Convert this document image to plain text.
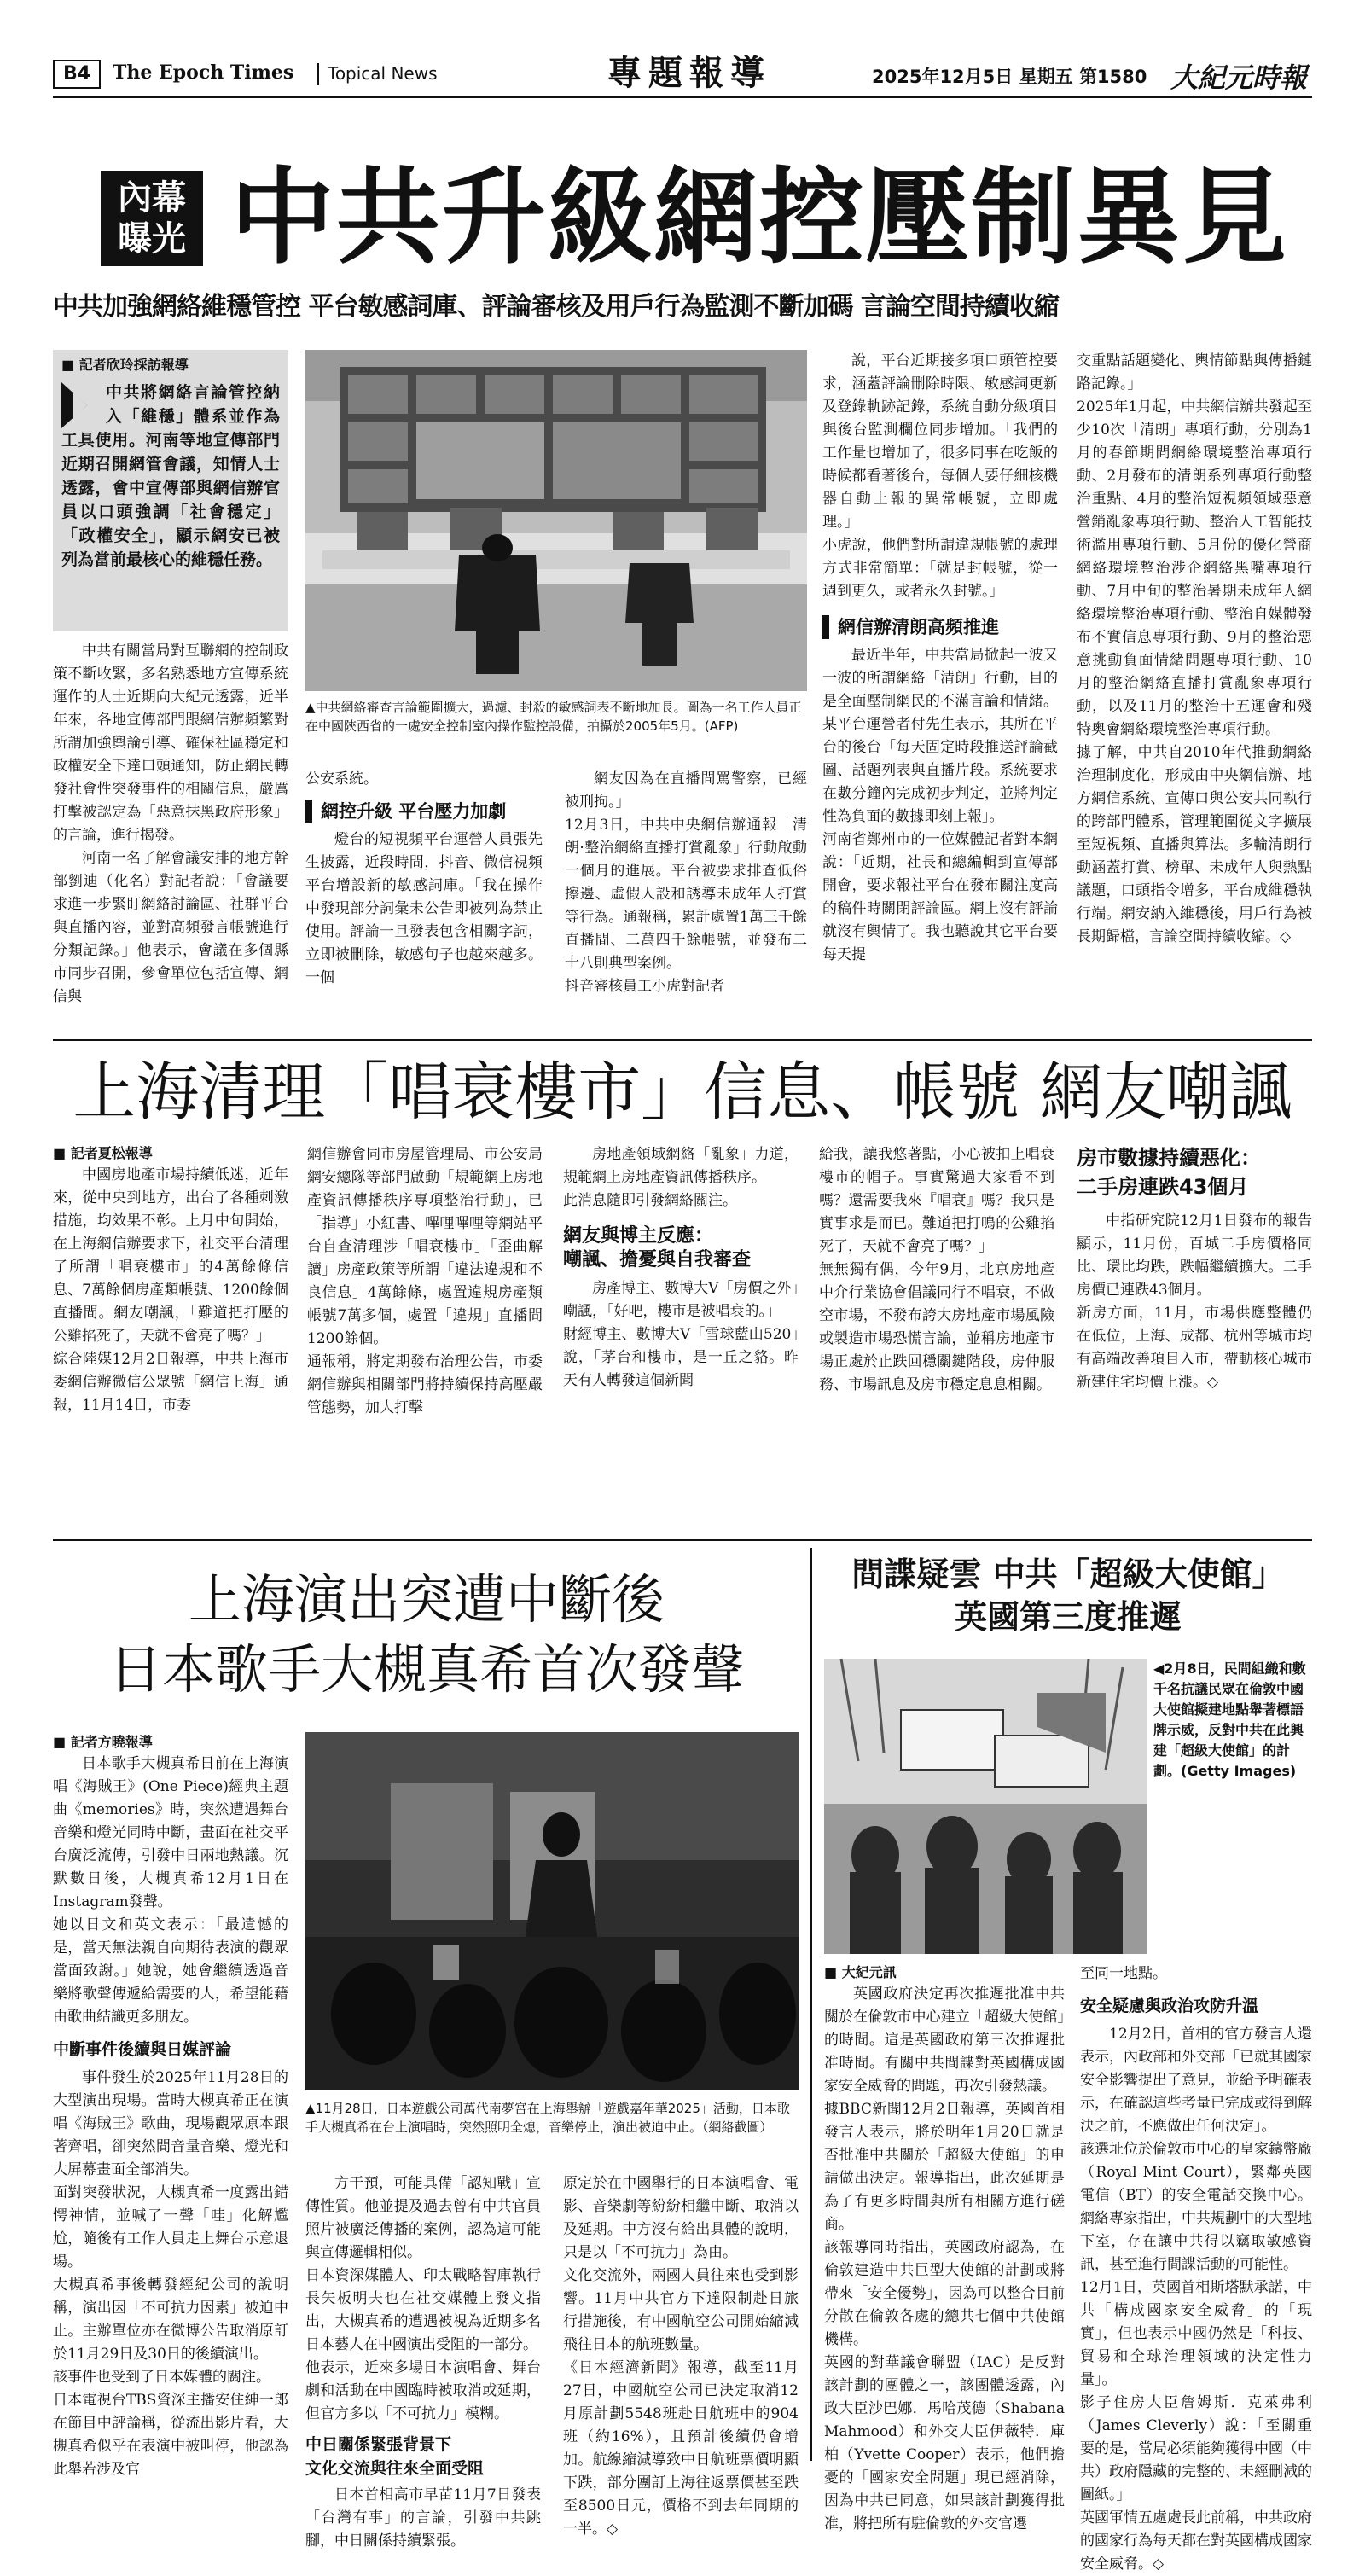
B4	The Epoch Times Topical News	專題報導	2025年12月5日 星期五 第1580 大紀元時報
內幕
曝光 中共升級網控壓制異見
中共加強網絡維穩管控 平台敏感詞庫、評論審核及用戶行為監測不斷加碼 言論空間持續收縮
■ 記者欣玲採訪報導
中共將網絡言論管控納入「維穩」體系並作為工具使用。河南等地宣傳部門近期召開網管會議，知情人士透露，會中宣傳部與網信辦官員以口頭強調「社會穩定」「政權安全」，顯示網安已被列為當前最核心的維穩任務。

中共有關當局對互聯網的控制政策不斷收緊，多名熟悉地方宣傳系統運作的人士近期向大紀元透露，近半年來，各地宣傳部門跟網信辦頻繁對所謂加強輿論引導、確保社區穩定和政權安全下達口頭通知，防止網民轉發社會性突發事件的相關信息，嚴厲打擊被認定為「惡意抹黑政府形象」的言論，進行揭發。

河南一名了解會議安排的地方幹部劉迪（化名）對記者說：「會議要求進一步緊盯網絡討論區、社群平台與直播內容，並對高頻發言帳號進行分類記錄。」他表示，會議在多個縣市同步召開，參會單位包括宣傳、網信與

▲中共網絡審查言論範圍擴大，過濾、封殺的敏感詞表不斷地加長。圖為一名工作人員正在中國陝西省的一處安全控制室內操作監控設備，拍攝於2005年5月。(AFP)
公安系統。
網控升級 平台壓力加劇

燈台的短視頻平台運營人員張先生披露，近段時間，抖音、微信視頻平台增設新的敏感詞庫。「我在操作中發現部分詞彙未公告即被列為禁止使用。評論一旦發表包含相關字詞，立即被刪除，敏感句子也越來越多。一個

網友因為在直播間罵警察，已經被刑拘。」
12月3日，中共中央網信辦通報「清朗·整治網絡直播打賞亂象」行動啟動一個月的進展。平台被要求排查低俗擦邊、虛假人設和誘導未成年人打賞等行為。通報稱，累計處置1萬三千餘直播間、二萬四千餘帳號，並發布二十八則典型案例。
抖音審核員工小虎對記者
說，平台近期接多項口頭管控要求，涵蓋評論刪除時限、敏感詞更新及登錄軌跡記錄，系統自動分級項目與後台監測欄位同步增加。「我們的工作量也增加了，很多同事在吃飯的時候都看著後台，每個人要仔細核機器自動上報的異常帳號，立即處理。」
小虎說，他們對所謂違規帳號的處理方式非常簡單：「就是封帳號，從一週到更久，或者永久封號。」
網信辦清朗高頻推進
最近半年，中共當局掀起一波又一波的所謂網絡「清朗」行動，目的是全面壓制網民的不滿言論和情緒。某平台運營者付先生表示，其所在平台的後台「每天固定時段推送評論截圖、話題列表與直播片段。系統要求在數分鐘內完成初步判定，並將判定性為負面的數據即刻上報」。
河南省鄭州市的一位媒體記者對本網說：「近期，社長和總編輯到宣傳部開會，要求報社平台在發布關注度高的稿件時關閉評論區。網上沒有評論就沒有輿情了。我也聽說其它平台要每天提
交重點話題變化、輿情節點與傳播鏈路記錄。」
2025年1月起，中共網信辦共發起至少10次「清朗」專項行動，分別為1月的春節期間網絡環境整治專項行動、2月發布的清朗系列專項行動整治重點、4月的整治短視頻領域惡意營銷亂象專項行動、整治人工智能技術濫用專項行動、5月份的優化營商網絡環境整治涉企網絡黑嘴專項行動、7月中旬的整治暑期未成年人網絡環境整治專項行動、整治自媒體發布不實信息專項行動、9月的整治惡意挑動負面情緒問題專項行動、10月的整治網絡直播打賞亂象專項行動，以及11月的整治十五運會和殘特奧會網絡環境整治專項行動。
據了解，中共自2010年代推動網絡治理制度化，形成由中央網信辦、地方網信系統、宣傳口與公安共同執行的跨部門體系，管理範圍從文字擴展至短視頻、直播與算法。多輪清朗行動涵蓋打賞、榜單、未成年人與熱點議題，口頭指令增多，平台成維穩執行端。網安納入維穩後，用戶行為被長期歸檔，言論空間持續收縮。◇
上海清理「唱衰樓市」信息、帳號 網友嘲諷
■ 記者夏松報導
中國房地產市場持續低迷，近年來，從中央到地方，出台了各種刺激措施，均效果不彰。上月中旬開始，在上海網信辦要求下，社交平台清理了所謂「唱衰樓市」的4萬餘條信息、7萬餘個房產類帳號、1200餘個直播間。網友嘲諷，「難道把打壓的公雞掐死了，天就不會亮了嗎？」
綜合陸媒12月2日報導，中共上海市委網信辦微信公眾號「網信上海」通報，11月14日，市委
網信辦會同市房屋管理局、市公安局網安總隊等部門啟動「規範網上房地產資訊傳播秩序專項整治行動」，已「指導」小紅書、嗶哩嗶哩等網站平台自查清理涉「唱衰樓市」「歪曲解讀」房產政策等所謂「違法違規和不良信息」4萬餘條，處置違規房產類帳號7萬多個，處置「違規」直播間1200餘個。
通報稱，將定期發布治理公告，市委網信辦與相關部門將持續保持高壓嚴管態勢，加大打擊
房地產領域網絡「亂象」力道，規範網上房地產資訊傳播秩序。
此消息隨即引發網絡關注。
網友與博主反應：
嘲諷、擔憂與自我審查
房產博主、數博大V「房價之外」嘲諷，「好吧，樓市是被唱衰的。」
財經博主、數博大V「雪球藍山520」說，「茅台和樓市，是一丘之貉。昨天有人轉發這個新聞
給我，讓我悠著點，小心被扣上唱衰樓市的帽子。事實驚過大家看不到嗎？還需要我來『唱衰』嗎？我只是實事求是而已。難道把打鳴的公雞掐死了，天就不會亮了嗎？」
無無獨有偶，今年9月，北京房地產中介行業協會倡議同行不唱衰，不做空市場，不發布誇大房地產市場風險或製造市場恐慌言論，並稱房地產市場正處於止跌回穩關鍵階段，房仲服務、市場訊息及房市穩定息息相關。
房市數據持續惡化：
二手房連跌43個月
中指研究院12月1日發布的報告顯示，11月份，百城二手房價格同比、環比均跌，跌幅繼續擴大。二手房價已連跌43個月。
新房方面，11月，市場供應整體仍在低位，上海、成都、杭州等城市均有高端改善項目入市，帶動核心城市新建住宅均價上漲。◇
上海演出突遭中斷後
日本歌手大槻真希首次發聲
■ 記者方曉報導
日本歌手大槻真希日前在上海演唱《海賊王》(One Piece)經典主題曲《memories》時，突然遭遇舞台音樂和燈光同時中斷，畫面在社交平台廣泛流傳，引發中日兩地熱議。沉默數日後，大槻真希12月1日在Instagram發聲。
她以日文和英文表示：「最遺憾的是，當天無法親自向期待表演的觀眾當面致謝。」她說，她會繼續透過音樂將歌聲傳遞給需要的人，希望能藉由歌曲結識更多朋友。
中斷事件後續與日媒評論
事件發生於2025年11月28日的大型演出現場。當時大槻真希正在演唱《海賊王》歌曲，現場觀眾原本跟著齊唱，卻突然間音量音樂、燈光和大屏幕畫面全部消失。
面對突發狀況，大槻真希一度露出錯愕神情，並喊了一聲「哇」化解尷尬，隨後有工作人員走上舞台示意退場。
大槻真希事後轉發經紀公司的說明稱，演出因「不可抗力因素」被迫中止。主辦單位亦在微博公告取消原訂於11月29日及30日的後續演出。
該事件也受到了日本媒體的關注。
日本電視台TBS資深主播安住紳一郎在節目中評論稱，從流出影片看，大槻真希似乎在表演中被叫停，他認為此舉若涉及官
▲11月28日，日本遊戲公司萬代南夢宮在上海舉辦「遊戲嘉年華2025」活動，日本歌手大槻真希在台上演唱時，突然照明全熄，音樂停止，演出被迫中止。（網絡截圖）
方干預，可能具備「認知戰」宣傳性質。他並提及過去曾有中共官員照片被廣泛傳播的案例，認為這可能與宣傳邏輯相似。
日本資深媒體人、印太戰略智庫執行長矢板明夫也在社交媒體上發文指出，大槻真希的遭遇被視為近期多名日本藝人在中國演出受阻的一部分。
他表示，近來多場日本演唱會、舞台劇和活動在中國臨時被取消或延期，但官方多以「不可抗力」模糊。
中日關係緊張背景下
文化交流與往來全面受阻
日本首相高市早苗11月7日發表「台灣有事」的言論，引發中共跳腳，中日關係持續緊張。
原定於在中國舉行的日本演唱會、電影、音樂劇等紛紛相繼中斷、取消以及延期。中方沒有給出具體的說明，只是以「不可抗力」為由。
文化交流外，兩國人員往來也受到影響。11月中共官方下達限制赴日旅行措施後，有中國航空公司開始縮減飛往日本的航班數量。
《日本經濟新聞》報導，截至11月27日，中國航空公司已決定取消12月原計劃5548班赴日航班中的904班（約16%），且預計後續仍會增加。航線縮減導致中日航班票價明顯下跌，部分團訂上海往返票價甚至跌至8500日元，價格不到去年同期的一半。◇
間諜疑雲 中共「超級大使館」
英國第三度推遲
◀2月8日，民間組織和數千名抗議民眾在倫敦中國大使館擬建地點舉著標語牌示威，反對中共在此興建「超級大使館」的計劃。(Getty Images)
■ 大紀元訊
英國政府決定再次推遲批准中共關於在倫敦市中心建立「超級大使館」的時間。這是英國政府第三次推遲批准時間。有關中共間諜對英國構成國家安全威脅的問題，再次引發熱議。
據BBC新聞12月2日報導，英國首相發言人表示，將於明年1月20日就是否批准中共關於「超級大使館」的申請做出決定。報導指出，此次延期是為了有更多時間與所有相關方進行磋商。
該報導同時指出，英國政府認為，在倫敦建造中共巨型大使館的計劃或將帶來「安全優勢」，因為可以整合目前分散在倫敦各處的總共七個中共使館機構。
英國的對華議會聯盟（IAC）是反對該計劃的團體之一，該團體透露，內政大臣沙巴娜．馬哈茂德（Shabana Mahmood）和外交大臣伊薇特．庫柏（Yvette Cooper）表示，他們擔憂的「國家安全問題」現已經消除，因為中共已同意，如果該計劃獲得批准，將把所有駐倫敦的外交官遷
至同一地點。
安全疑慮與政治攻防升溫
12月2日，首相的官方發言人還表示，內政部和外交部「已就其國家安全影響提出了意見，並給予明確表示，在確認這些考量已完成或得到解決之前，不應做出任何決定」。
該選址位於倫敦市中心的皇家鑄幣廠（Royal Mint Court），緊鄰英國電信（BT）的安全電話交換中心。網絡專家指出，中共規劃中的大型地下室，存在讓中共得以竊取敏感資訊，甚至進行間諜活動的可能性。
12月1日，英國首相斯塔默承諾，中共「構成國家安全威脅」的「現實」，但也表示中國仍然是「科技、貿易和全球治理領域的決定性力量」。
影子住房大臣詹姆斯．克萊弗利（James Cleverly）說：「至關重要的是，當局必須能夠獲得中國（中共）政府隱藏的完整的、未經刪減的圖紙。」
英國軍情五處處長此前稱，中共政府的國家行為每天都在對英國構成國家安全威脅。◇
